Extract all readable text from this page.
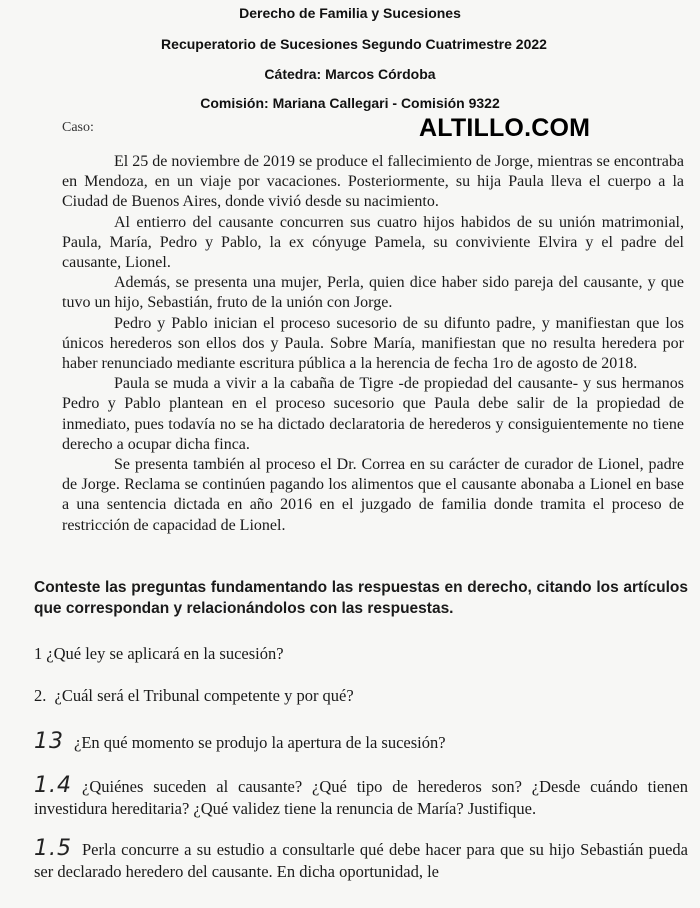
Derecho de Familia y Sucesiones
Recuperatorio de Sucesiones Segundo Cuatrimestre 2022
Cátedra: Marcos Córdoba
Comisión: Mariana Callegari - Comisión 9322
Caso:	ALTILLO.COM

El 25 de noviembre de 2019 se produce el fallecimiento de Jorge, mientras se encontraba en Mendoza, en un viaje por vacaciones. Posteriormente, su hija Paula lleva el cuerpo a la Ciudad de Buenos Aires, donde vivió desde su nacimiento.

Al entierro del causante concurren sus cuatro hijos habidos de su unión matrimonial, Paula, María, Pedro y Pablo, la ex cónyuge Pamela, su conviviente Elvira y el padre del causante, Lionel.

Además, se presenta una mujer, Perla, quien dice haber sido pareja del causante, y que tuvo un hijo, Sebastián, fruto de la unión con Jorge.

Pedro y Pablo inician el proceso sucesorio de su difunto padre, y manifiestan que los únicos herederos son ellos dos y Paula. Sobre María, manifiestan que no resulta heredera por haber renunciado mediante escritura pública a la herencia de fecha 1ro de agosto de 2018.

Paula se muda a vivir a la cabaña de Tigre -de propiedad del causante- y sus hermanos Pedro y Pablo plantean en el proceso sucesorio que Paula debe salir de la propiedad de inmediato, pues todavía no se ha dictado declaratoria de herederos y consiguientemente no tiene derecho a ocupar dicha finca.

Se presenta también al proceso el Dr. Correa en su carácter de curador de Lionel, padre de Jorge. Reclama se continúen pagando los alimentos que el causante abonaba a Lionel en base a una sentencia dictada en año 2016 en el juzgado de familia donde tramita el proceso de restricción de capacidad de Lionel.

Conteste las preguntas fundamentando las respuestas en derecho, citando los artículos que correspondan y relacionándolos con las respuestas.
1 ¿Qué ley se aplicará en la sucesión?
2. ¿Cuál será el Tribunal competente y por qué?
13 ¿En qué momento se produjo la apertura de la sucesión?
1.4 ¿Quiénes suceden al causante? ¿Qué tipo de herederos son? ¿Desde cuándo tienen investidura hereditaria? ¿Qué validez tiene la renuncia de María? Justifique.
1.5 Perla concurre a su estudio a consultarle qué debe hacer para que su hijo Sebastián pueda ser declarado heredero del causante. En dicha oportunidad, le
